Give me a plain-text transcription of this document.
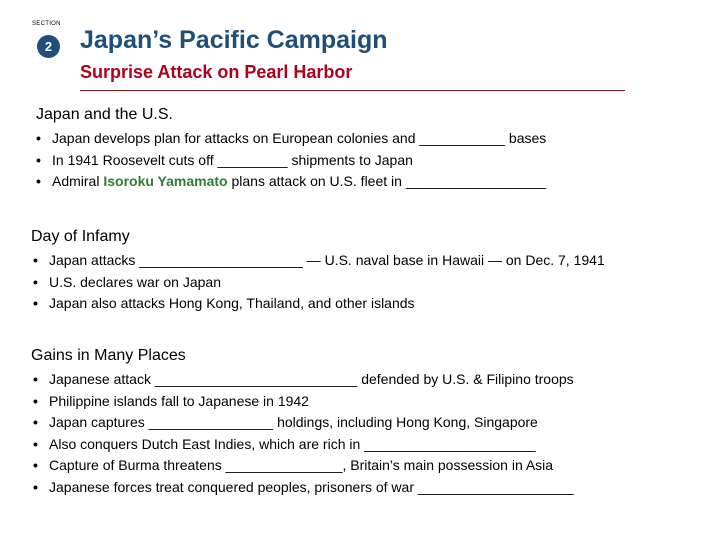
SECTION
2	Japan’s Pacific Campaign
Surprise Attack on Pearl Harbor
Japan and the U.S.
• Japan develops plan for attacks on European colonies and ___________ bases
• In 1941 Roosevelt cuts off _________ shipments to Japan
• Admiral Isoroku Yamamato plans attack on U.S. fleet in __________________
Day of Infamy
• Japan attacks _____________________ — U.S. naval base in Hawaii — on Dec. 7, 1941
• U.S. declares war on Japan
• Japan also attacks Hong Kong, Thailand, and other islands
Gains in Many Places
• Japanese attack __________________________ defended by U.S. & Filipino troops
• Philippine islands fall to Japanese in 1942
• Japan captures ________________ holdings, including Hong Kong, Singapore
• Also conquers Dutch East Indies, which are rich in ______________________
• Capture of Burma threatens _______________, Britain’s main possession in Asia
• Japanese forces treat conquered peoples, prisoners of war ____________________
